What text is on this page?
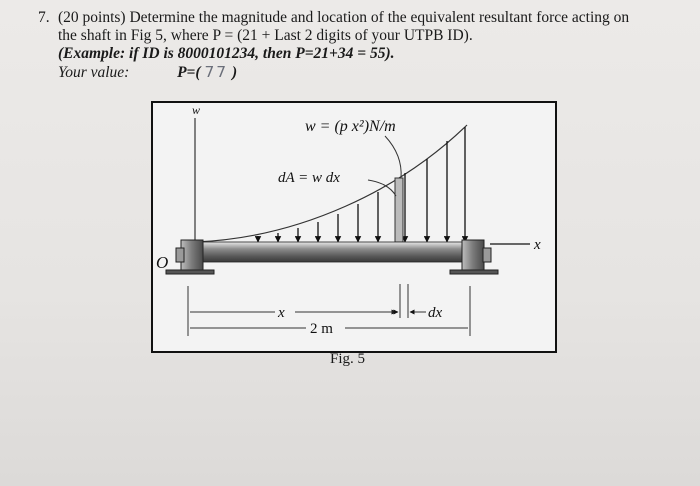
7. (20 points) Determine the magnitude and location of the equivalent resultant force acting on
the shaft in Fig 5, where P = (21 + Last 2 digits of your UTPB ID).
(Example: if ID is 8000101234, then P=21+34 = 55).
Your value:	P=( 77 )
w
w = (p x²)N/m
dA = w dx
O
x
x	dx
2 m
Fig. 5
